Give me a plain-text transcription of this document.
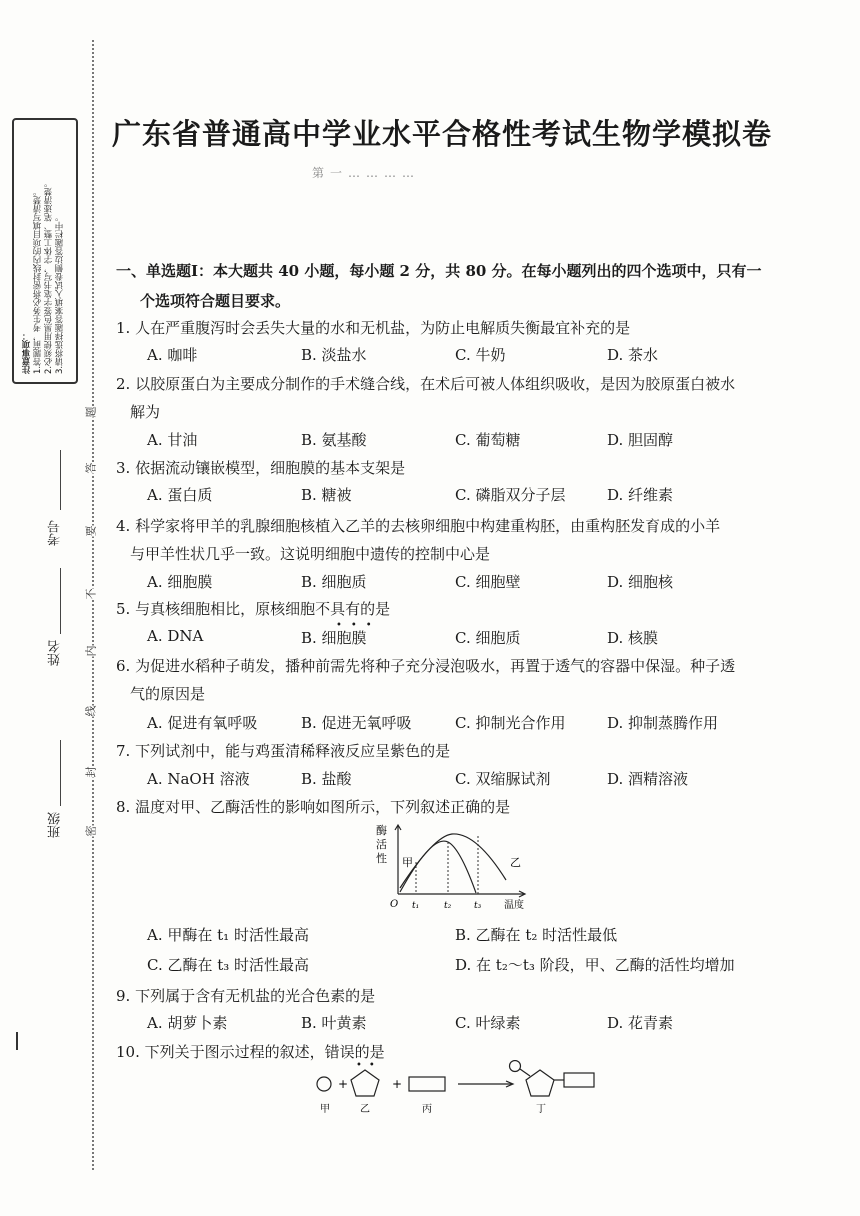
注意事项：
1.答题前，考生务必将密封线内的项目填写清楚。
2.必须使用黑色签字笔书写，字体工整、笔迹清楚。
3.请将选择题答案填入试卷侧边答题栏中。
考号
姓名
班级
题
答
要
不
内
线
封
密
广东省普通高中学业水平合格性考试生物学模拟卷
第一…………
一、单选题Ⅰ：本大题共 40 小题，每小题 2 分，共 80 分。在每小题列出的四个选项中，只有一
个选项符合题目要求。
1. 人在严重腹泻时会丢失大量的水和无机盐，为防止电解质失衡最宜补充的是
A. 咖啡	B. 淡盐水	C. 牛奶	D. 茶水
2. 以胶原蛋白为主要成分制作的手术缝合线，在术后可被人体组织吸收，是因为胶原蛋白被水
解为
A. 甘油	B. 氨基酸	C. 葡萄糖	D. 胆固醇
3. 依据流动镶嵌模型，细胞膜的基本支架是
A. 蛋白质	B. 糖被	C. 磷脂双分子层	D. 纤维素
4. 科学家将甲羊的乳腺细胞核植入乙羊的去核卵细胞中构建重构胚，由重构胚发育成的小羊
与甲羊性状几乎一致。这说明细胞中遗传的控制中心是
A. 细胞膜	B. 细胞质	C. 细胞壁	D. 细胞核
5. 与真核细胞相比，原核细胞不具有的是
•••
A. DNA	B. 细胞膜	C. 细胞质	D. 核膜
6. 为促进水稻种子萌发，播种前需先将种子充分浸泡吸水，再置于透气的容器中保湿。种子透
气的原因是
A. 促进有氧呼吸	B. 促进无氧呼吸	C. 抑制光合作用	D. 抑制蒸腾作用
7. 下列试剂中，能与鸡蛋清稀释液反应呈紫色的是
A. NaOH 溶液	B. 盐酸	C. 双缩脲试剂	D. 酒精溶液
8. 温度对甲、乙酶活性的影响如图所示，下列叙述正确的是
酶
活
性 甲	乙
O t₁	t₂	t₃ 温度
A. 甲酶在 t₁ 时活性最高	B. 乙酶在 t₂ 时活性最低
C. 乙酶在 t₃ 时活性最高	D. 在 t₂～t₃ 阶段，甲、乙酶的活性均增加
9. 下列属于含有无机盐的光合色素的是
A. 胡萝卜素	B. 叶黄素	C. 叶绿素	D. 花青素
10. 下列关于图示过程的叙述，错误的是
••
+	+
甲	乙	丙	丁
